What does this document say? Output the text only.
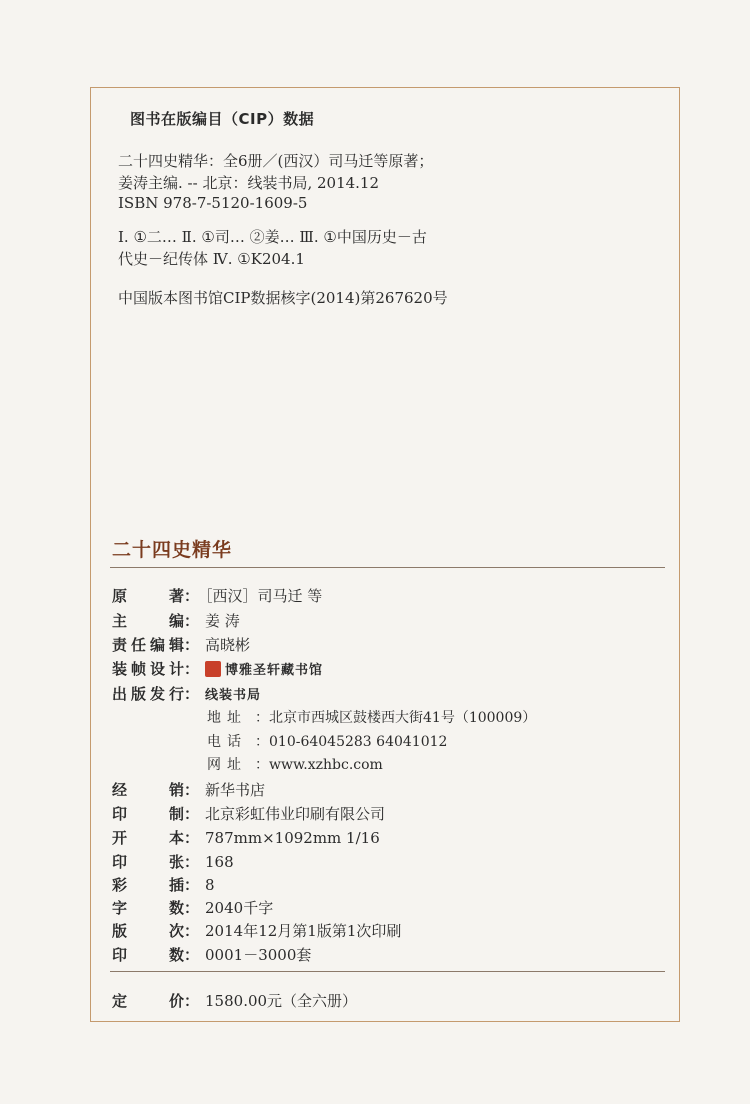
图书在版编目（CIP）数据
二十四史精华：全6册／(西汉）司马迁等原著；
姜涛主编. -- 北京：线装书局, 2014.12
ISBN 978-7-5120-1609-5
Ⅰ. ①二… Ⅱ. ①司… ②姜… Ⅲ. ①中国历史－古
代史－纪传体 Ⅳ. ①K204.1
中国版本图书馆CIP数据核字(2014)第267620号
二十四史精华
原著： ［西汉］司马迁 等
主编： 姜 涛
责任编辑： 高晓彬
装帧设计： 博雅圣轩藏书馆
出版发行： 线装书局
地址 ：北京市西城区鼓楼西大街41号（100009）
电话 ：010-64045283 64041012
网址 ：www.xzhbc.com
经销： 新华书店
印制： 北京彩虹伟业印刷有限公司
开本： 787mm×1092mm 1/16
印张： 168
彩插： 8
字数： 2040千字
版次： 2014年12月第1版第1次印刷
印数： 0001－3000套
定价： 1580.00元（全六册）
